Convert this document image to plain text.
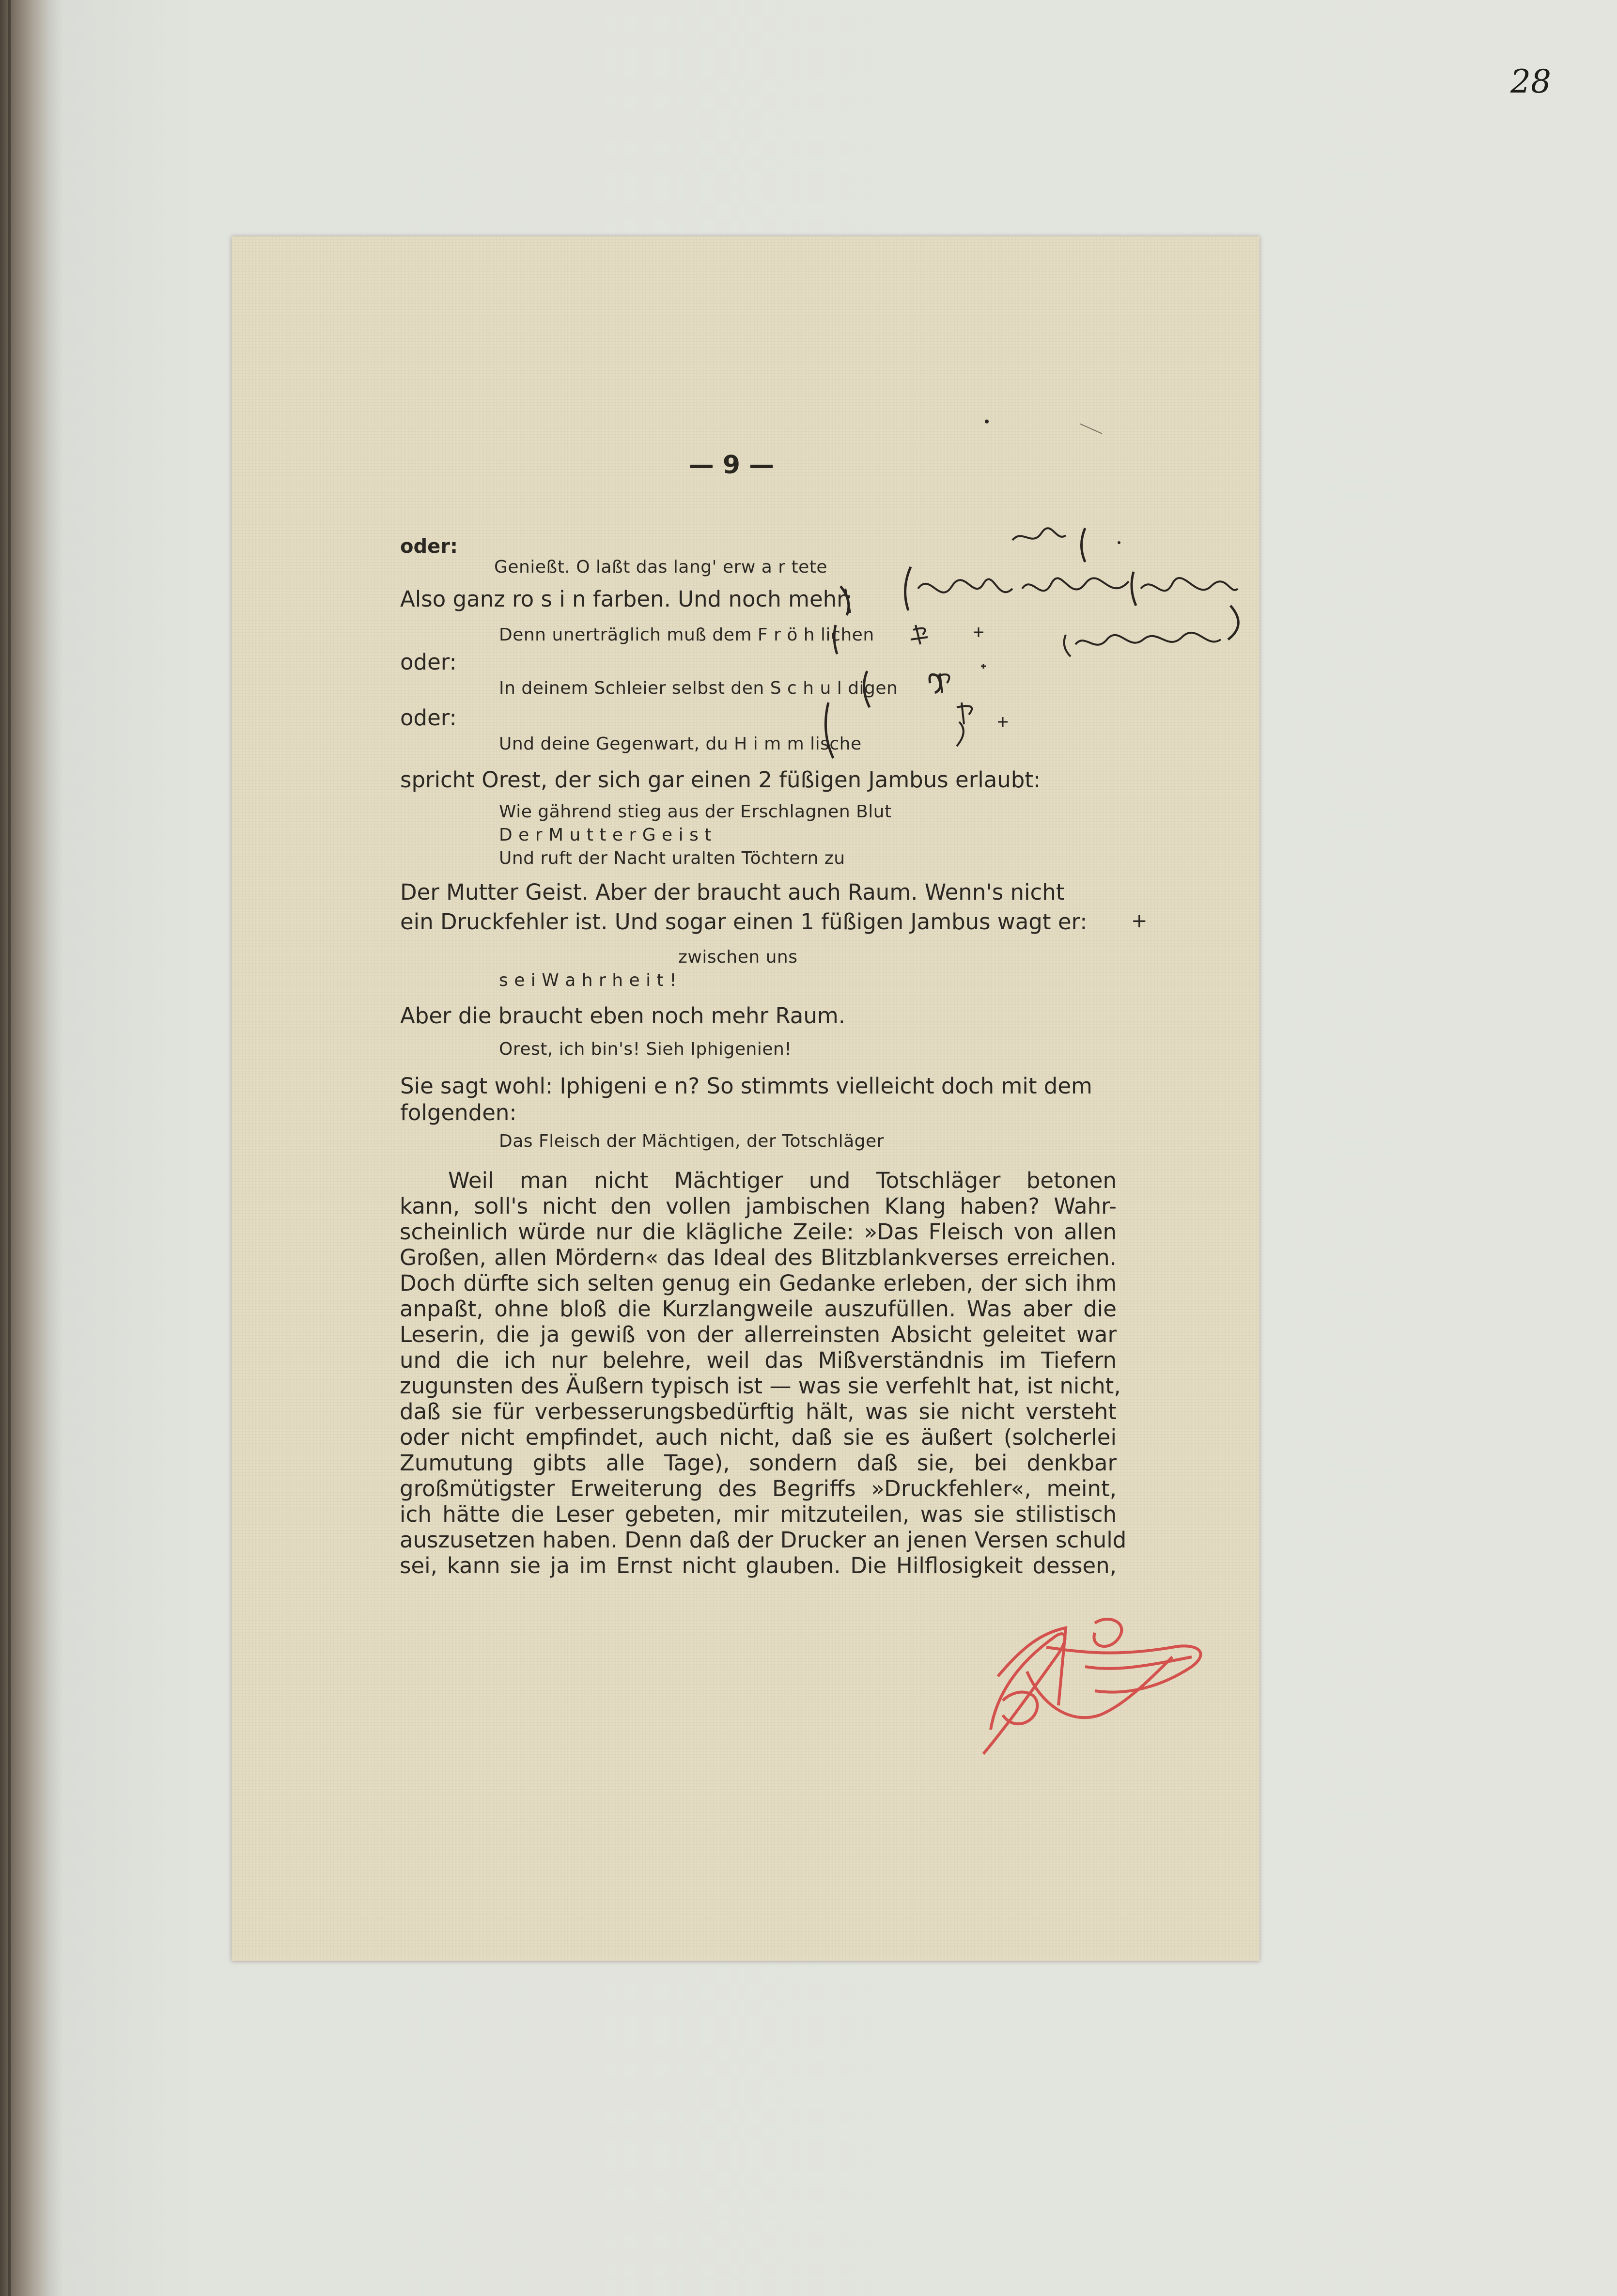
28
— 9 —
oder:
Genießt. O laßt das lang' erw a r tete
Also ganz ro s i n farben. Und noch mehr:
Denn unerträglich muß dem F r ö h lichen
oder:
In deinem Schleier selbst den S c h u l digen
oder:
Und deine Gegenwart, du H i m m lische
spricht Orest, der sich gar einen 2 füßigen Jambus erlaubt:
Wie gährend stieg aus der Erschlagnen Blut
D e r M u t t e r G e i s t
Und ruft der Nacht uralten Töchtern zu
Der Mutter Geist. Aber der braucht auch Raum. Wenn's nicht
ein Druckfehler ist. Und sogar einen 1 füßigen Jambus wagt er:
zwischen uns
s e i W a h r h e i t !
Aber die braucht eben noch mehr Raum.
Orest, ich bin's! Sieh Iphigenien!
Sie sagt wohl: Iphigeni e n? So stimmts vielleicht doch mit dem
folgenden:
Das Fleisch der Mächtigen, der Totschläger
Weil man nicht Mächtiger und Totschläger betonen
kann, soll's nicht den vollen jambischen Klang haben? Wahr-
scheinlich würde nur die klägliche Zeile: »Das Fleisch von allen
Großen, allen Mördern« das Ideal des Blitzblankverses erreichen.
Doch dürfte sich selten genug ein Gedanke erleben, der sich ihm
anpaßt, ohne bloß die Kurzlangweile auszufüllen. Was aber die
Leserin, die ja gewiß von der allerreinsten Absicht geleitet war
und die ich nur belehre, weil das Mißverständnis im Tiefern
zugunsten des Äußern typisch ist — was sie verfehlt hat, ist nicht,
daß sie für verbesserungsbedürftig hält, was sie nicht versteht
oder nicht empfindet, auch nicht, daß sie es äußert (solcherlei
Zumutung gibts alle Tage), sondern daß sie, bei denkbar
großmütigster Erweiterung des Begriffs »Druckfehler«, meint,
ich hätte die Leser gebeten, mir mitzuteilen, was sie stilistisch
auszusetzen haben. Denn daß der Drucker an jenen Versen schuld
sei, kann sie ja im Ernst nicht glauben. Die Hilflosigkeit dessen,
+
